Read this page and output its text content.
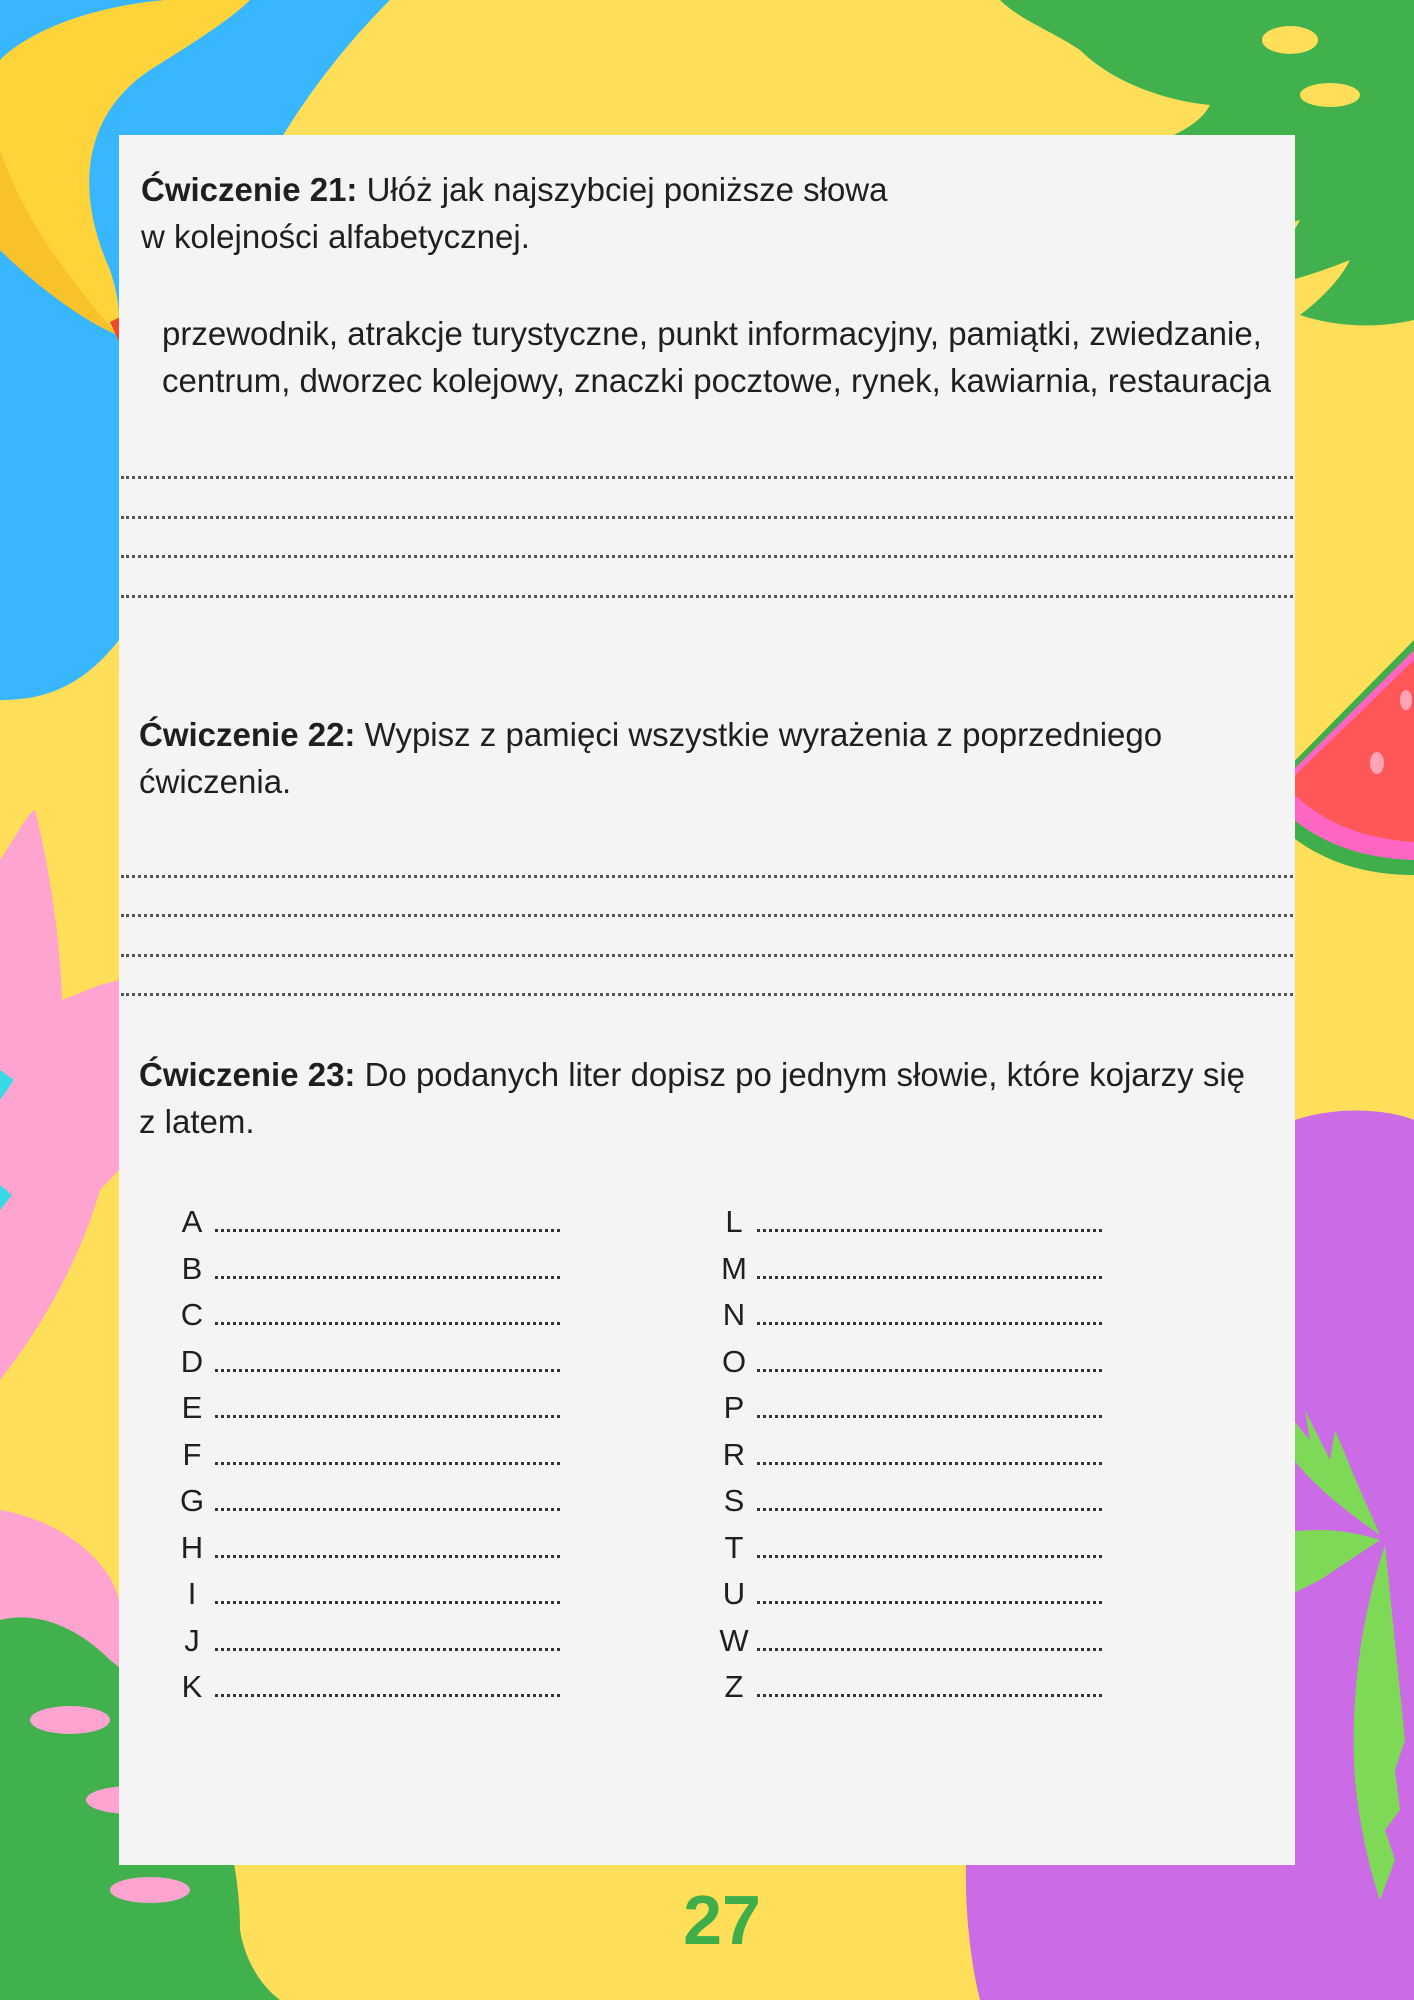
Ćwiczenie 21: Ułóż jak najszybciej poniższe słowa
w kolejności alfabetycznej.

przewodnik, atrakcje turystyczne, punkt informacyjny, pamiątki, zwiedzanie,
centrum, dworzec kolejowy, znaczki pocztowe, rynek, kawiarnia, restauracja

Ćwiczenie 22: Wypisz z pamięci wszystkie wyrażenia z poprzedniego
ćwiczenia.

Ćwiczenie 23: Do podanych liter dopisz po jednym słowie, które kojarzy się
z latem.

A
B
C
D
E
F
G
H
I
J
K
L
M
N
O
P
R
S
T
U
W
Z
27
